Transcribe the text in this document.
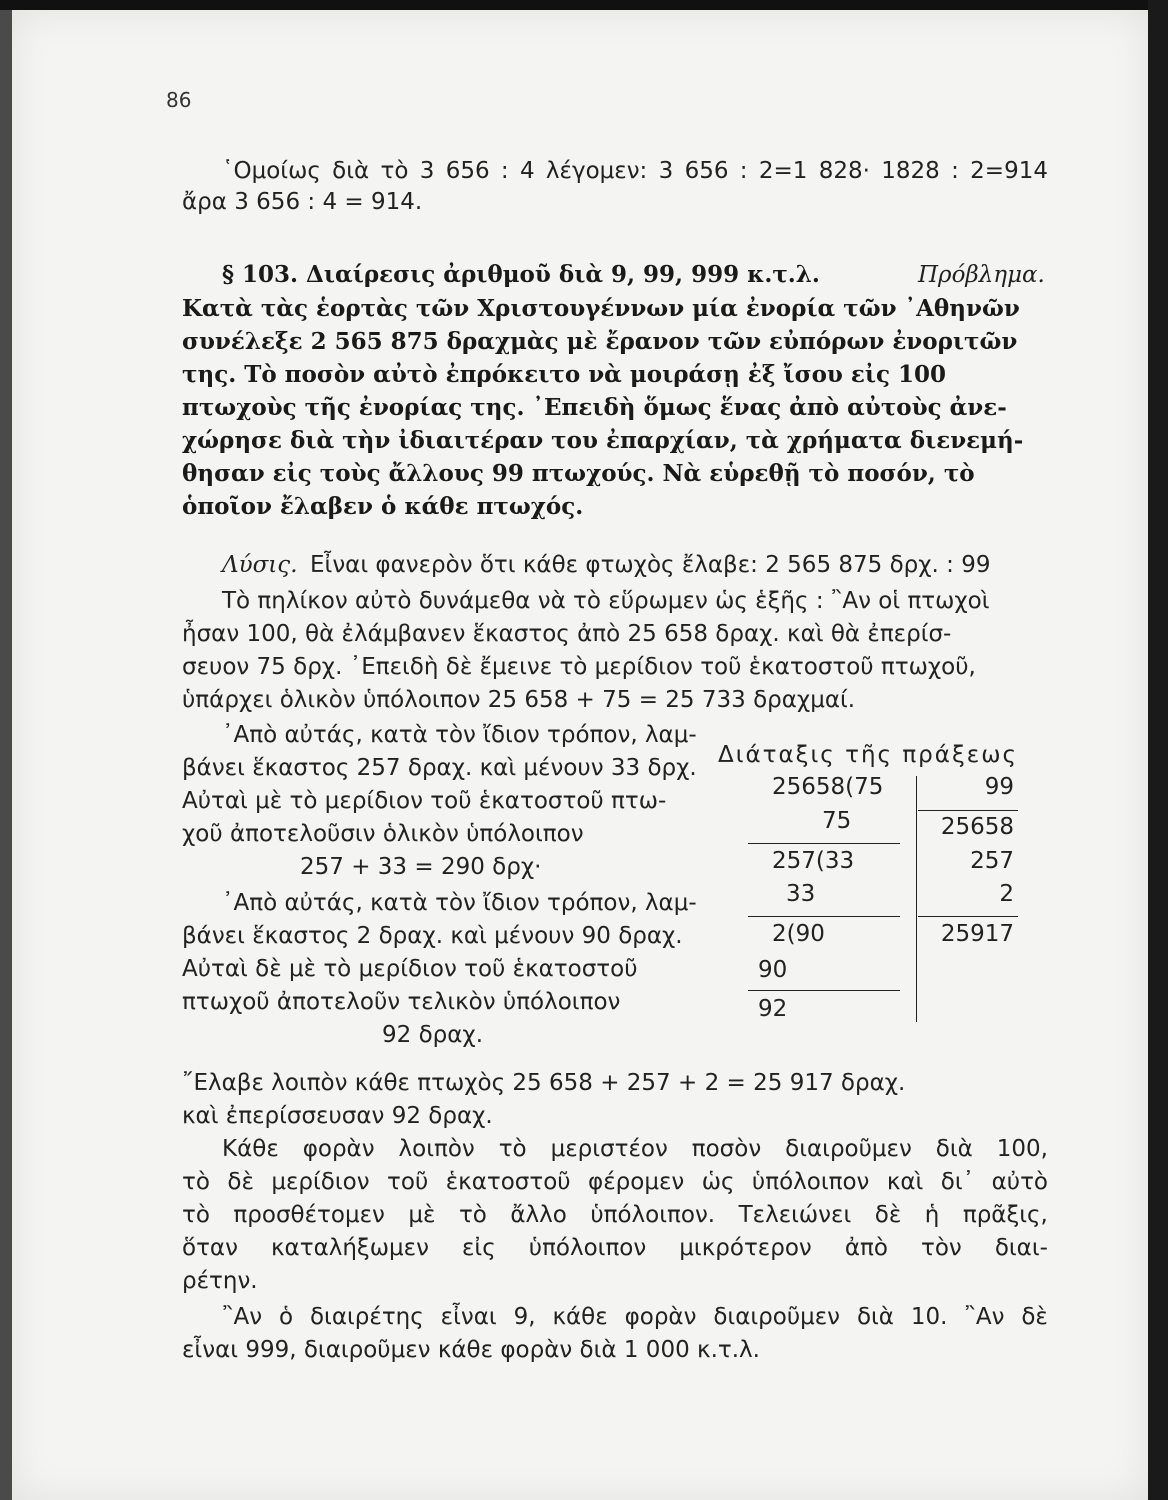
86
῾Ομοίως διὰ τὸ 3 656 : 4 λέγομεν: 3 656 : 2=1 828· 1828 : 2=914
ἄρα 3 656 : 4 = 914.
§ 103. Διαίρεσις ἀριθμοῦ διὰ 9, 99, 999 κ.τ.λ.	Πρόβλημα.
Κατὰ τὰς ἑορτὰς τῶν Χριστουγέννων μία ἐνορία τῶν ᾿Αθηνῶν
συνέλεξε 2 565 875 δραχμὰς μὲ ἔρανον τῶν εὐπόρων ἐνοριτῶν
της. Τὸ ποσὸν αὐτὸ ἐπρόκειτο νὰ μοιράσῃ ἐξ ἴσου εἰς 100
πτωχοὺς τῆς ἐνορίας της. ᾿Επειδὴ ὅμως ἕνας ἀπὸ αὐτοὺς ἀνε-
χώρησε διὰ τὴν ἰδιαιτέραν του ἐπαρχίαν, τὰ χρήματα διενεμή-
θησαν εἰς τοὺς ἄλλους 99 πτωχούς. Νὰ εὑρεθῇ τὸ ποσόν, τὸ
ὁποῖον ἔλαβεν ὁ κάθε πτωχός.
Λύσις. Εἶναι φανερὸν ὅτι κάθε φτωχὸς ἔλαβε: 2 565 875 δρχ. : 99
Τὸ πηλίκον αὐτὸ δυνάμεθα νὰ τὸ εὕρωμεν ὡς ἑξῆς : ῍Αν οἱ πτωχοὶ
ἦσαν 100, θὰ ἐλάμβανεν ἕκαστος ἀπὸ 25 658 δραχ. καὶ θὰ ἐπερίσ-
σευον 75 δρχ. ᾿Επειδὴ δὲ ἔμεινε τὸ μερίδιον τοῦ ἑκατοστοῦ πτωχοῦ,
ὑπάρχει ὁλικὸν ὑπόλοιπον 25 658 + 75 = 25 733 δραχμαί.
᾿Απὸ αὐτάς, κατὰ τὸν ἴδιον τρόπον, λαμ-
βάνει ἕκαστος 257 δραχ. καὶ μένουν 33 δρχ.
Αὐταὶ μὲ τὸ μερίδιον τοῦ ἑκατοστοῦ πτω-
χοῦ ἀποτελοῦσιν ὁλικὸν ὑπόλοιπον
257 + 33 = 290 δρχ·
᾿Απὸ αὐτάς, κατὰ τὸν ἴδιον τρόπον, λαμ-
βάνει ἕκαστος 2 δραχ. καὶ μένουν 90 δραχ.
Αὐταὶ δὲ μὲ τὸ μερίδιον τοῦ ἑκατοστοῦ
πτωχοῦ ἀποτελοῦν τελικὸν ὑπόλοιπον
92 δραχ.
Διάταξις τῆς πράξεως
25658(75
75
257(33
33
2(90
90
92
99
25658
257
2
25917
῎Ελαβε λοιπὸν κάθε πτωχὸς 25 658 + 257 + 2 = 25 917 δραχ.
καὶ ἐπερίσσευσαν 92 δραχ.
Κάθε φορὰν λοιπὸν τὸ μεριστέον ποσὸν διαιροῦμεν διὰ 100,
τὸ δὲ μερίδιον τοῦ ἑκατοστοῦ φέρομεν ὡς ὑπόλοιπον καὶ δι᾿ αὐτὸ
τὸ προσθέτομεν μὲ τὸ ἄλλο ὑπόλοιπον. Τελειώνει δὲ ἡ πρᾶξις,
ὅταν καταλήξωμεν εἰς ὑπόλοιπον μικρότερον ἀπὸ τὸν διαι-
ρέτην.
῍Αν ὁ διαιρέτης εἶναι 9, κάθε φορὰν διαιροῦμεν διὰ 10. ῍Αν δὲ
εἶναι 999, διαιροῦμεν κάθε φορὰν διὰ 1 000 κ.τ.λ.
